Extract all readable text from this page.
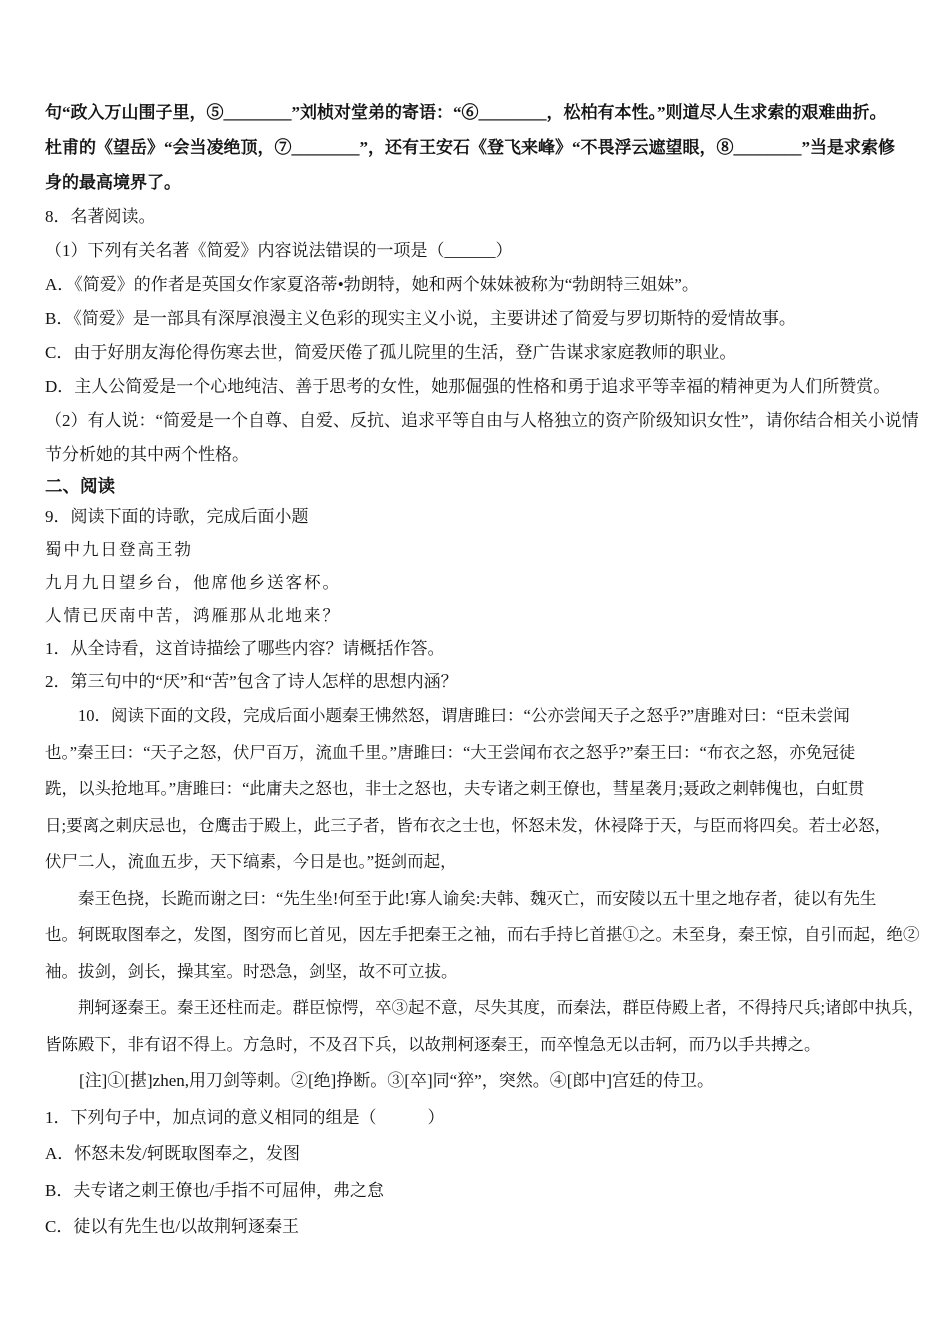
句“政入万山围子里，⑤________”刘桢对堂弟的寄语：“⑥________，松柏有本性。”则道尽人生求索的艰难曲折。
杜甫的《望岳》“会当凌绝顶，⑦________”，还有王安石《登飞来峰》“不畏浮云遮望眼，⑧________”当是求索修
身的最高境界了。
8．名著阅读。
（1）下列有关名著《简爱》内容说法错误的一项是（______）
A．《简爱》的作者是英国女作家夏洛蒂•勃朗特，她和两个妹妹被称为“勃朗特三姐妹”。
B．《简爱》是一部具有深厚浪漫主义色彩的现实主义小说，主要讲述了简爱与罗切斯特的爱情故事。
C．由于好朋友海伦得伤寒去世，简爱厌倦了孤儿院里的生活，登广告谋求家庭教师的职业。
D．主人公简爱是一个心地纯洁、善于思考的女性，她那倔强的性格和勇于追求平等幸福的精神更为人们所赞赏。
（2）有人说：“简爱是一个自尊、自爱、反抗、追求平等自由与人格独立的资产阶级知识女性”，请你结合相关小说情
节分析她的其中两个性格。
二、阅读
9．阅读下面的诗歌，完成后面小题
蜀中九日登高王勃
九月九日望乡台，他席他乡送客杯。
人情已厌南中苦，鸿雁那从北地来？
1．从全诗看，这首诗描绘了哪些内容？请概括作答。
2．第三句中的“厌”和“苦”包含了诗人怎样的思想内涵？
10．阅读下面的文段，完成后面小题秦王怫然怒，谓唐雎曰：“公亦尝闻天子之怒乎?”唐雎对曰：“臣未尝闻
也。”秦王曰：“天子之怒，伏尸百万，流血千里。”唐雎曰：“大王尝闻布衣之怒乎?”秦王曰：“布衣之怒，亦免冠徒
跣，以头抢地耳。”唐雎曰：“此庸夫之怒也，非士之怒也，夫专诸之刺王僚也，彗星袭月;聂政之刺韩傀也，白虹贯
日;要离之刺庆忌也，仓鹰击于殿上，此三子者，皆布衣之士也，怀怒未发，休祲降于天，与臣而将四矣。若士必怒，
伏尸二人，流血五步，天下缟素，今日是也。”挺剑而起，
秦王色挠，长跪而谢之曰：“先生坐!何至于此!寡人谕矣:夫韩、魏灭亡，而安陵以五十里之地存者，徒以有先生
也。轲既取图奉之，发图，图穷而匕首见，因左手把秦王之袖，而右手持匕首揕①之。未至身，秦王惊，自引而起，绝②
袖。拔剑，剑长，操其室。时恐急，剑坚，故不可立拔。
荆轲逐秦王。秦王还柱而走。群臣惊愕，卒③起不意，尽失其度，而秦法，群臣侍殿上者，不得持尺兵;诸郎中执兵，
皆陈殿下，非有诏不得上。方急时，不及召下兵，以故荆柯逐秦王，而卒惶急无以击轲，而乃以手共搏之。
[注]①[揕]zhen,用刀剑等刺。②[绝]挣断。③[卒]同“猝”，突然。④[郎中]宫廷的侍卫。
1．下列句子中，加点词的意义相同的组是（　　　）
A．怀怒未发/轲既取图奉之，发图
B．夫专诸之刺王僚也/手指不可屈伸，弗之怠
C．徒以有先生也/以故荆轲逐秦王
